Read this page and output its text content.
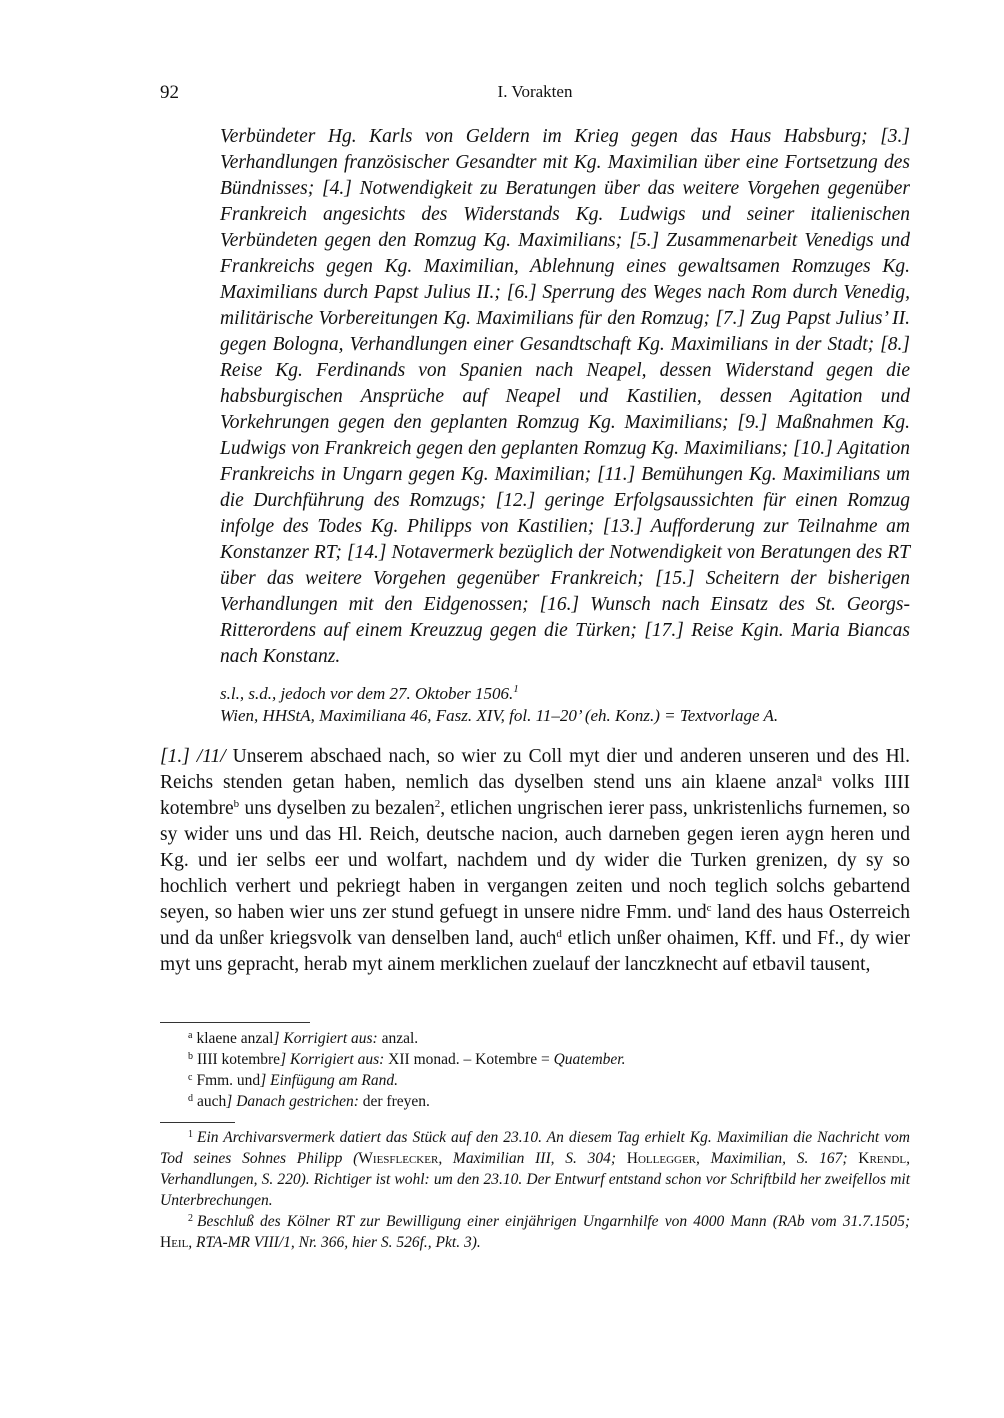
92	I. Vorakten

Verbündeter Hg. Karls von Geldern im Krieg gegen das Haus Habsburg; [3.] Verhandlungen französischer Gesandter mit Kg. Maximilian über eine Fortsetzung des Bündnisses; [4.] Notwendigkeit zu Beratungen über das weitere Vorgehen gegenüber Frankreich angesichts des Widerstands Kg. Ludwigs und seiner italienischen Verbündeten gegen den Romzug Kg. Maximilians; [5.] Zusammenarbeit Venedigs und Frankreichs gegen Kg. Maximilian, Ablehnung eines gewaltsamen Romzuges Kg. Maximilians durch Papst Julius II.; [6.] Sperrung des Weges nach Rom durch Venedig, militärische Vorbereitungen Kg. Maximilians für den Romzug; [7.] Zug Papst Julius’ II. gegen Bologna, Verhandlungen einer Gesandtschaft Kg. Maximilians in der Stadt; [8.] Reise Kg. Ferdinands von Spanien nach Neapel, dessen Widerstand gegen die habsburgischen Ansprüche auf Neapel und Kastilien, dessen Agitation und Vorkehrungen gegen den geplanten Romzug Kg. Maximilians; [9.] Maßnahmen Kg. Ludwigs von Frankreich gegen den geplanten Romzug Kg. Maximilians; [10.] Agitation Frankreichs in Ungarn gegen Kg. Maximilian; [11.] Bemühungen Kg. Maximilians um die Durchführung des Romzugs; [12.] geringe Erfolgsaussichten für einen Romzug infolge des Todes Kg. Philipps von Kastilien; [13.] Aufforderung zur Teilnahme am Konstanzer RT; [14.] Notavermerk bezüglich der Notwendigkeit von Beratungen des RT über das weitere Vorgehen gegenüber Frankreich; [15.] Scheitern der bisherigen Verhandlungen mit den Eidgenossen; [16.] Wunsch nach Einsatz des St. Georgs-Ritterordens auf einem Kreuzzug gegen die Türken; [17.] Reise Kgin. Maria Biancas nach Konstanz.

s.l., s.d., jedoch vor dem 27. Oktober 1506.$^1$
Wien, HHStA, Maximiliana 46, Fasz. XIV, fol. 11–20’ (eh. Konz.) = Textvorlage A.

[1.] /11/ Unserem abschaed nach, so wier zu Coll myt dier und anderen unseren und des Hl. Reichs stenden getan haben, nemlich das dyselben stend uns ain klaene anzal$^a$ volks IIII kotembre$^b$ uns dyselben zu bezalen$^2$, etlichen ungrischen ierer pass, unkristenlichs furnemen, so sy wider uns und das Hl. Reich, deutsche nacion, auch darneben gegen ieren aygn heren und Kg. und ier selbs eer und wolfart, nachdem und dy wider die Turken grenizen, dy sy so hochlich verhert und pekriegt haben in vergangen zeiten und noch teglich solchs gebartend seyen, so haben wier uns zer stund gefuegt in unsere nidre Fmm. und$^c$ land des haus Osterreich und da unßer kriegsvolk van denselben land, auch$^d$ etlich unßer ohaimen, Kff. und Ff., dy wier myt uns gepracht, herab myt ainem merklichen zuelauf der lanczknecht auf etbavil tausent,

$^a$ klaene anzal] Korrigiert aus: anzal.

$^b$ IIII kotembre] Korrigiert aus: XII monad. – Kotembre = Quatember.

$^c$ Fmm. und] Einfügung am Rand.

$^d$ auch] Danach gestrichen: der freyen.

$^1$ Ein Archivarsvermerk datiert das Stück auf den 23.10. An diesem Tag erhielt Kg. Maximilian die Nachricht vom Tod seines Sohnes Philipp (Wiesflecker, Maximilian III, S. 304; Hollegger, Maximilian, S. 167; Krendl, Verhandlungen, S. 220). Richtiger ist wohl: um den 23.10. Der Entwurf entstand schon vor Schriftbild her zweifellos mit Unterbrechungen.

$^2$ Beschluß des Kölner RT zur Bewilligung einer einjährigen Ungarnhilfe von 4000 Mann (RAb vom 31.7.1505; Heil, RTA-MR VIII/1, Nr. 366, hier S. 526f., Pkt. 3).
